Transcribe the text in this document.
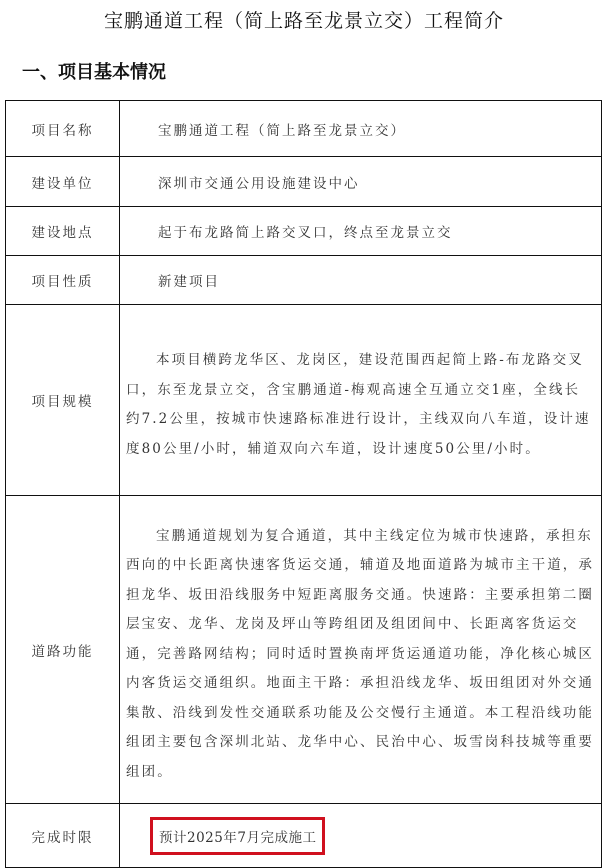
宝鹏通道工程（简上路至龙景立交）工程简介
一、项目基本情况
项目名称	宝鹏通道工程（简上路至龙景立交）
建设单位	深圳市交通公用设施建设中心
建设地点	起于布龙路简上路交叉口，终点至龙景立交
项目性质	新建项目
项目规模	本项目横跨龙华区、龙岗区，建设范围西起简上路-布龙路交叉口，东至龙景立交，含宝鹏通道-梅观高速全互通立交1座，全线长约7.2公里，按城市快速路标准进行设计，主线双向八车道，设计速度80公里/小时，辅道双向六车道，设计速度50公里/小时。
道路功能	宝鹏通道规划为复合通道，其中主线定位为城市快速路，承担东西向的中长距离快速客货运交通，辅道及地面道路为城市主干道，承担龙华、坂田沿线服务中短距离服务交通。快速路：主要承担第二圈层宝安、龙华、龙岗及坪山等跨组团及组团间中、长距离客货运交通，完善路网结构；同时适时置换南坪货运通道功能，净化核心城区内客货运交通组织。地面主干路：承担沿线龙华、坂田组团对外交通集散、沿线到发性交通联系功能及公交慢行主通道。本工程沿线功能组团主要包含深圳北站、龙华中心、民治中心、坂雪岗科技城等重要组团。
完成时限	预计2025年7月完成施工
